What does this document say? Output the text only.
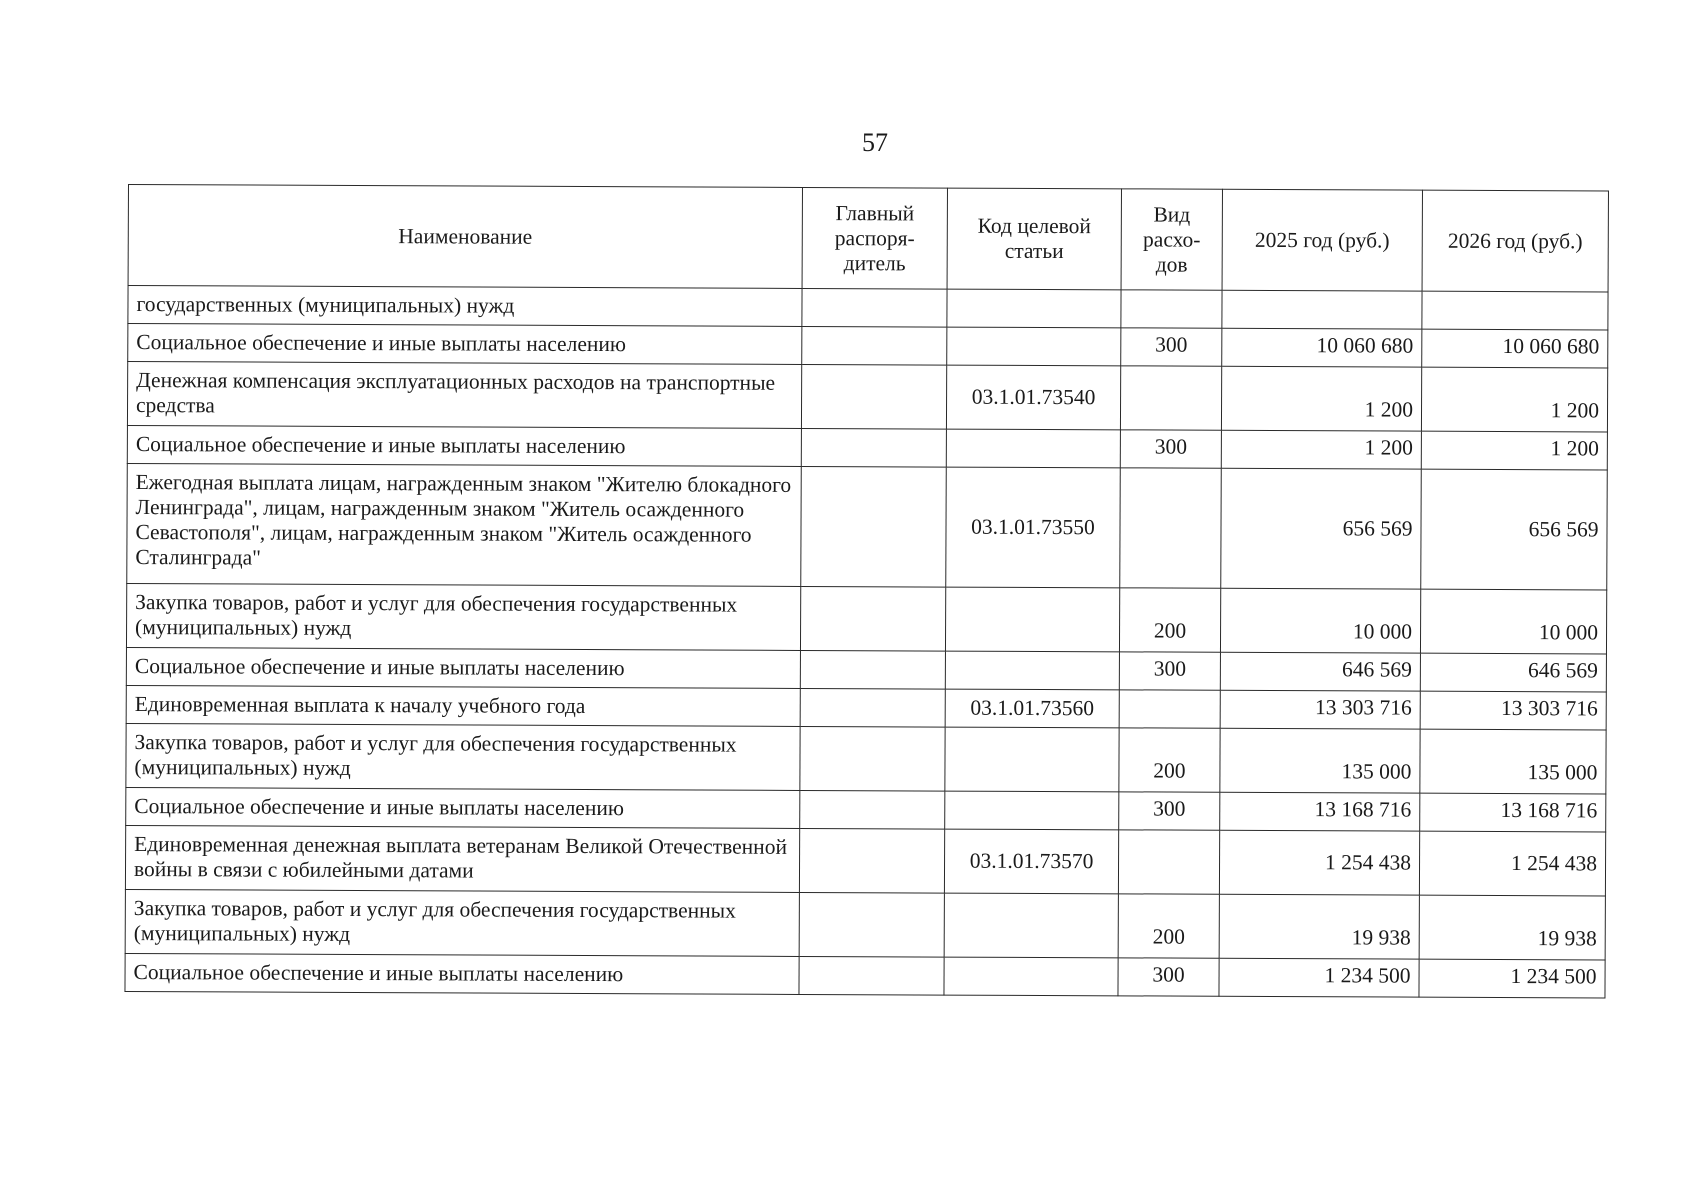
57
Наименование	Главный распоря-дитель	Код целевой статьи	Вид расхо-дов	2025 год (руб.)	2026 год (руб.)
государственных (муниципальных) нужд					
Социальное обеспечение и иные выплаты населению			300	10 060 680	10 060 680
Денежная компенсация эксплуатационных расходов на транспортные средства		03.1.01.73540		1 200	1 200
Социальное обеспечение и иные выплаты населению			300	1 200	1 200
Ежегодная выплата лицам, награжденным знаком "Жителю блокадного Ленинграда", лицам, награжденным знаком "Житель осажденного Севастополя", лицам, награжденным знаком "Житель осажденного Сталинграда"		03.1.01.73550		656 569	656 569
Закупка товаров, работ и услуг для обеспечения государственных (муниципальных) нужд			200	10 000	10 000
Социальное обеспечение и иные выплаты населению			300	646 569	646 569
Единовременная выплата к началу учебного года		03.1.01.73560		13 303 716	13 303 716
Закупка товаров, работ и услуг для обеспечения государственных (муниципальных) нужд			200	135 000	135 000
Социальное обеспечение и иные выплаты населению			300	13 168 716	13 168 716
Единовременная денежная выплата ветеранам Великой Отечественной войны в связи с юбилейными датами		03.1.01.73570		1 254 438	1 254 438
Закупка товаров, работ и услуг для обеспечения государственных (муниципальных) нужд			200	19 938	19 938
Социальное обеспечение и иные выплаты населению			300	1 234 500	1 234 500
